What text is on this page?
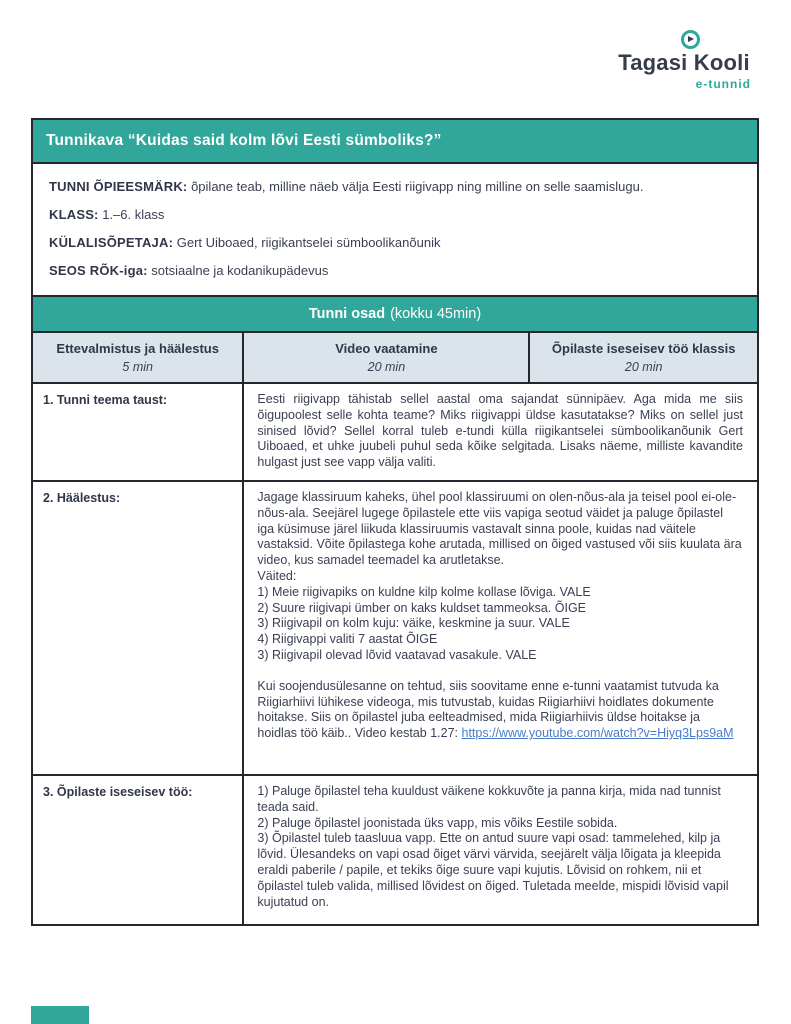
Tagasi Kooli
e-tunnid
Tunnikava “Kuidas said kolm lõvi Eesti sümboliks?”
TUNNI ÕPIEESMÄRK: õpilane teab, milline näeb välja Eesti riigivapp ning milline on selle saamislugu.
KLASS: 1.–6. klass
KÜLALISÕPETAJA: Gert Uiboaed, riigikantselei sümboolikanõunik
SEOS RÕK-iga: sotsiaalne ja kodanikupädevus
Tunni osad (kokku 45min)
Ettevalmistus ja häälestus
5 min
Video vaatamine
20 min
Õpilaste iseseisev töö klassis
20 min
1. Tunni teema taust:	Eesti riigivapp tähistab sellel aastal oma sajandat sünnipäev. Aga mida me siis õigupoolest selle kohta teame? Miks riigivappi üldse kasutatakse? Miks on sellel just sinised lõvid? Sellel korral tuleb e-tundi külla riigikantselei sümboolikanõunik Gert Uiboaed, et uhke juubeli puhul seda kõike selgitada. Lisaks näeme, milliste kavandite hulgast just see vapp välja valiti.
2. Häälestus:	Jagage klassiruum kaheks, ühel pool klassiruumi on olen-nõus-ala ja teisel pool ei-ole-nõus-ala. Seejärel lugege õpilastele ette viis vapiga seotud väidet ja paluge õpilastel iga küsimuse järel liikuda klassiruumis vastavalt sinna poole, kuidas nad väitele vastaksid. Võite õpilastega kohe arutada, millised on õiged vastused või siis kuulata ära video, kus samadel teemadel ka arutletakse.
Väited:
1) Meie riigivapiks on kuldne kilp kolme kollase lõviga. VALE
2) Suure riigivapi ümber on kaks kuldset tammeoksa. ÕIGE
3) Riigivapil on kolm kuju: väike, keskmine ja suur. VALE
4) Riigivappi valiti 7 aastat ÕIGE
3) Riigivapil olevad lõvid vaatavad vasakule. VALE
Kui soojendusülesanne on tehtud, siis soovitame enne e-tunni vaatamist tutvuda ka Riigiarhiivi lühikese videoga, mis tutvustab, kuidas Riigiarhiivi hoidlates dokumente hoitakse. Siis on õpilastel juba eelteadmised, mida Riigiarhiivis üldse hoitakse ja hoidlas töö käib.. Video kestab 1.27: https://www.youtube.com/watch?v=Hiyq3Lps9aM
3. Õpilaste iseseisev töö:	1) Paluge õpilastel teha kuuldust väikene kokkuvõte ja panna kirja, mida nad tunnist teada said.
2) Paluge õpilastel joonistada üks vapp, mis võiks Eestile sobida.
3) Õpilastel tuleb taasluua vapp. Ette on antud suure vapi osad: tammelehed, kilp ja lõvid. Ülesandeks on vapi osad õiget värvi värvida, seejärelt välja lõigata ja kleepida eraldi paberile / papile, et tekiks õige suure vapi kujutis. Lõvisid on rohkem, nii et õpilastel tuleb valida, millised lõvidest on õiged. Tuletada meelde, mispidi lõvisid vapil kujutatud on.
